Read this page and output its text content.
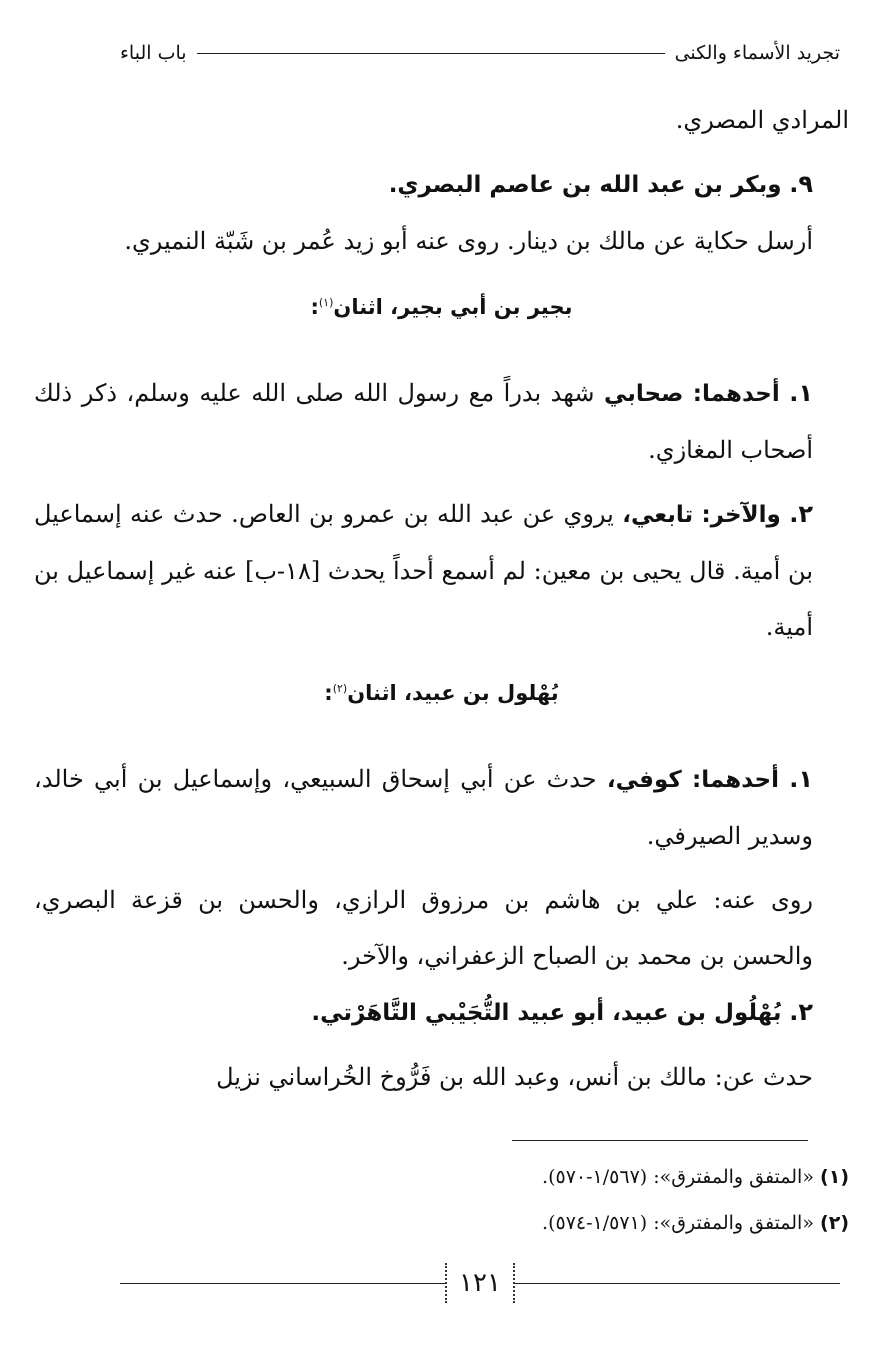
تجريد الأسماء والكنى
باب الباء

المرادي المصري.

٩. وبكر بن عبد الله بن عاصم البصري.

أرسل حكاية عن مالك بن دينار. روى عنه أبو زيد عُمر بن شَبّة النميري.

بجير بن أبي بجير، اثنان$^{(١)}$:

١. أحدهما: صحابي شهد بدراً مع رسول الله صلى الله عليه وسلم، ذكر ذلك أصحاب المغازي.

٢. والآخر: تابعي، يروي عن عبد الله بن عمرو بن العاص. حدث عنه إسماعيل بن أمية. قال يحيى بن معين: لم أسمع أحداً يحدث [١٨-ب] عنه غير إسماعيل بن أمية.

بُهْلول بن عبيد، اثنان$^{(٢)}$:

١. أحدهما: كوفي، حدث عن أبي إسحاق السبيعي، وإسماعيل بن أبي خالد، وسدير الصيرفي.

روى عنه: علي بن هاشم بن مرزوق الرازي، والحسن بن قزعة البصري، والحسن بن محمد بن الصباح الزعفراني، والآخر.

٢. بُهْلُول بن عبيد، أبو عبيد التُّجَيْبي التَّاهَرْتي.

حدث عن: مالك بن أنس، وعبد الله بن فَرُّوخ الخُراساني نزيل

(١) «المتفق والمفترق»: (١/٥٦٧-٥٧٠).

(٢) «المتفق والمفترق»: (١/٥٧١-٥٧٤).

١٢١
